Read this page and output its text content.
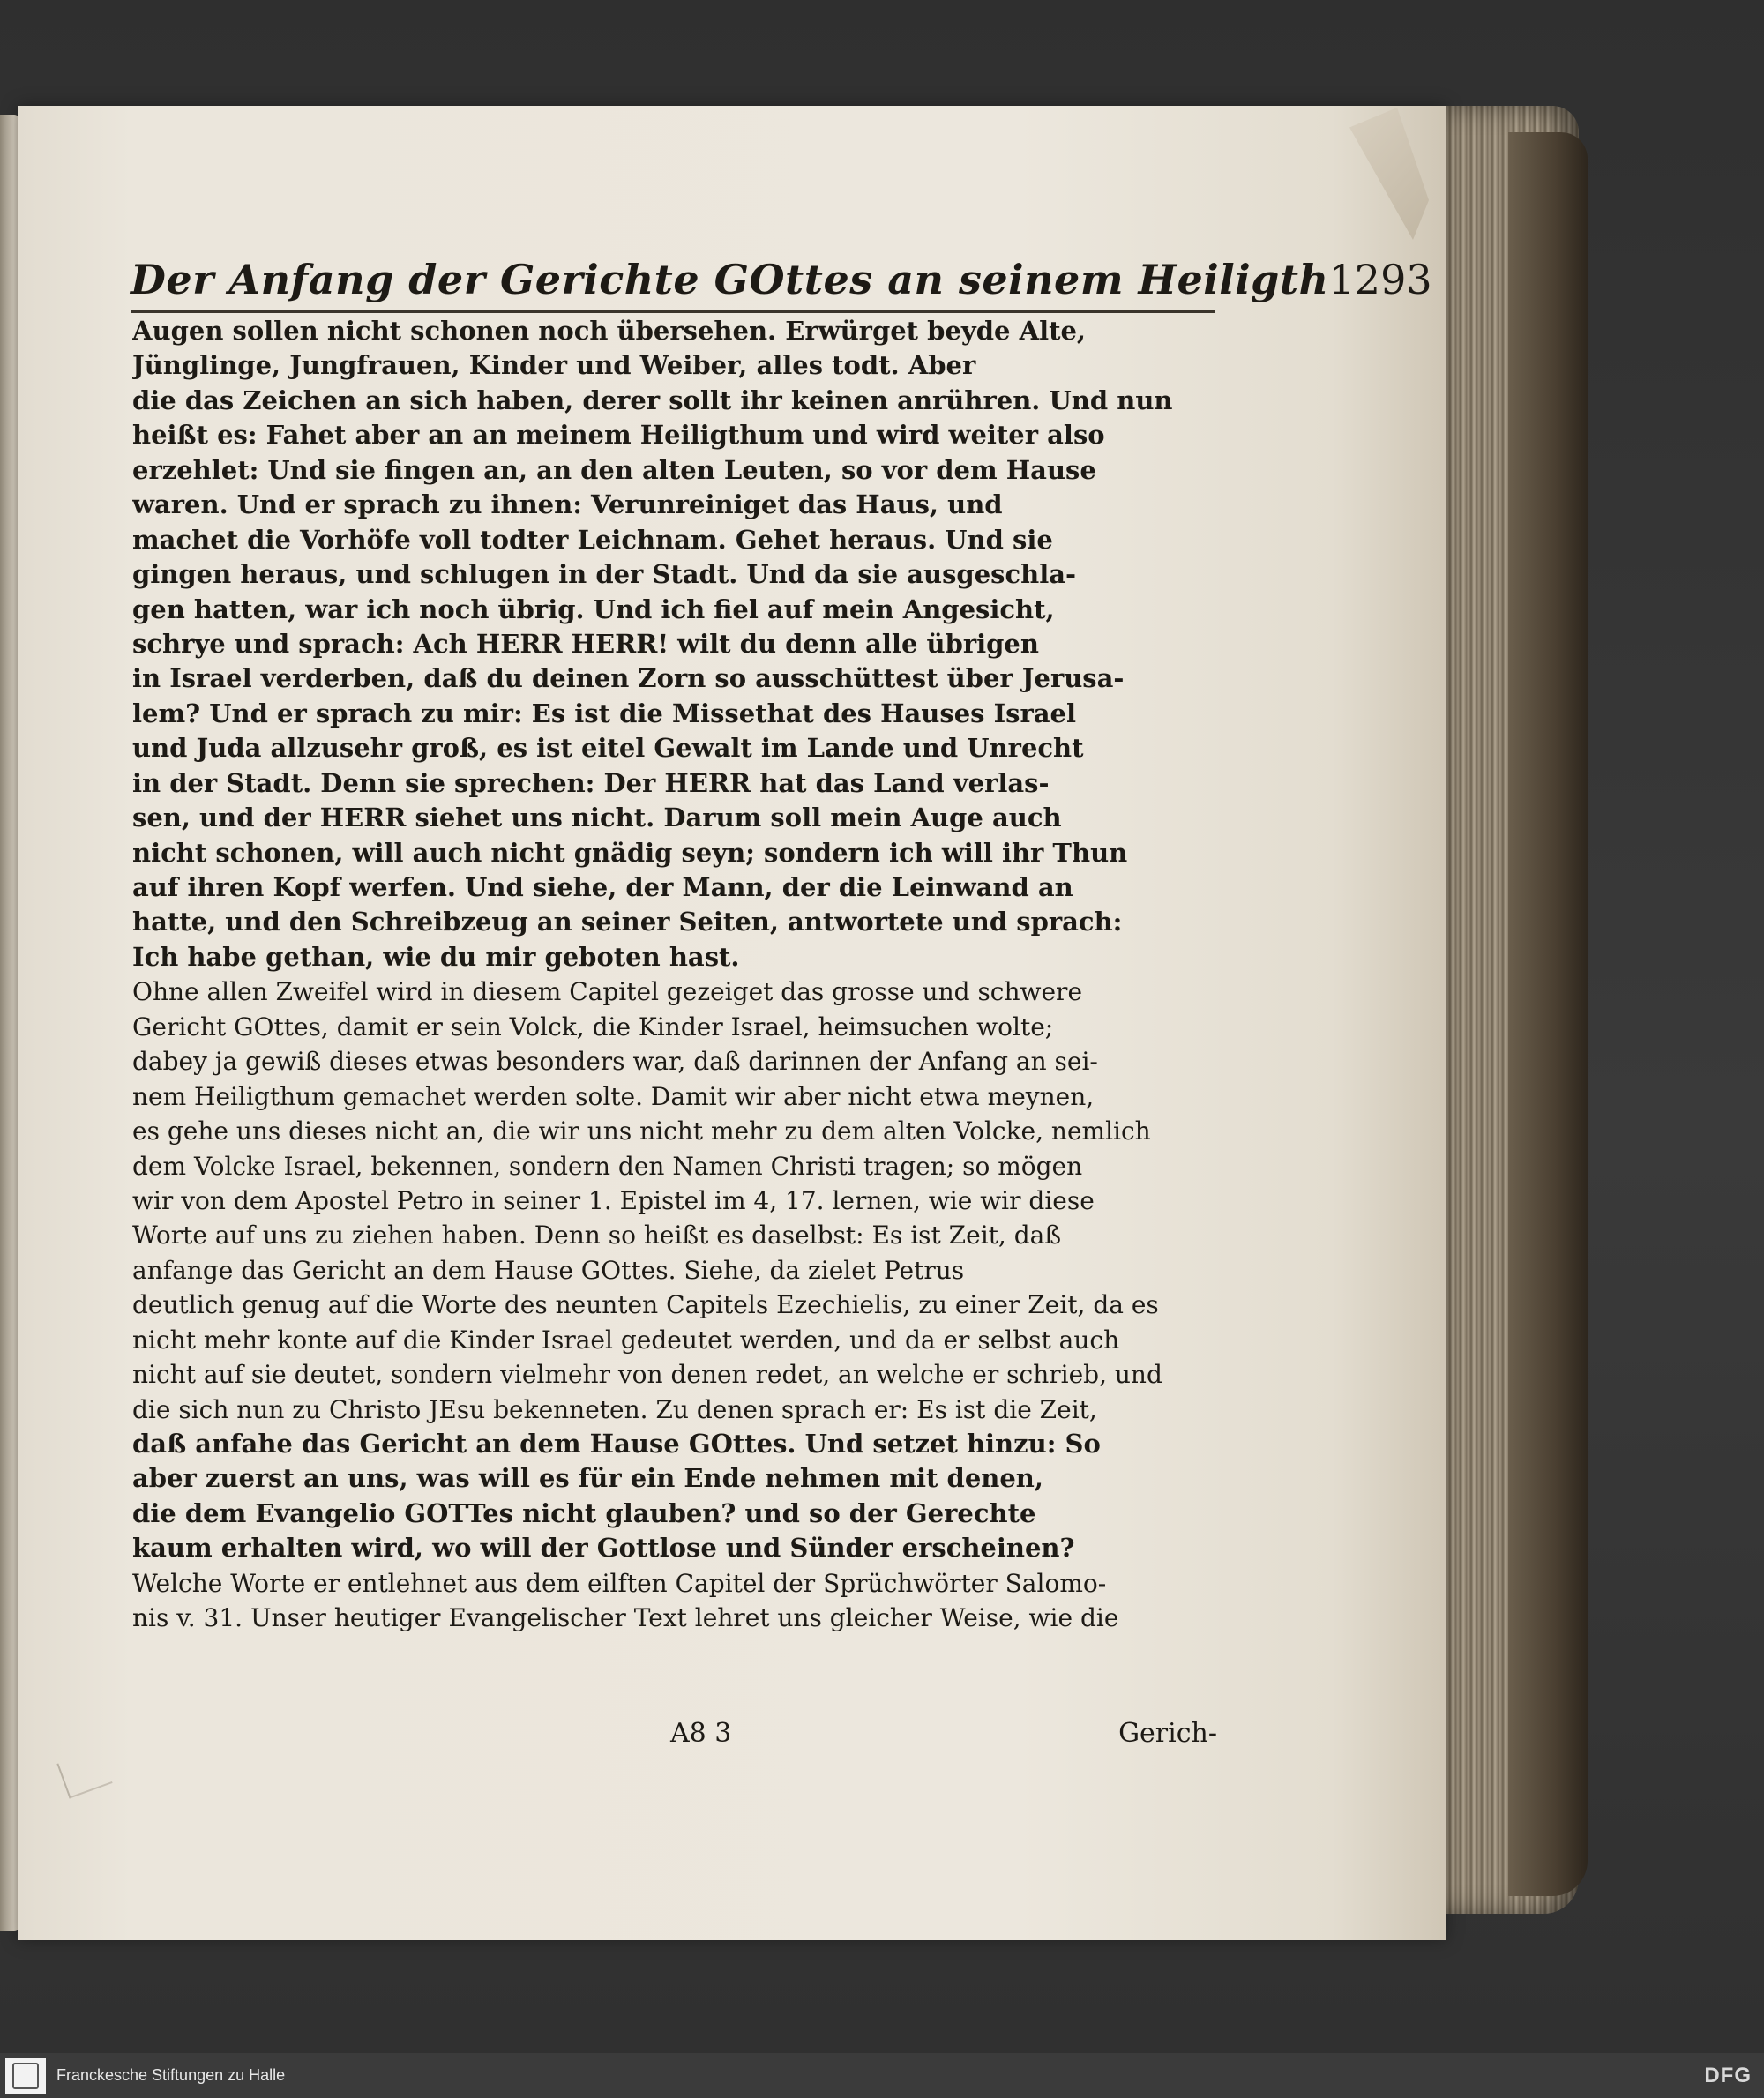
Der Anfang der Gerichte GOttes an seinem Heiligth 1293
Augen sollen nicht schonen noch übersehen. Erwürget beyde Alte,
Jünglinge, Jungfrauen, Kinder und Weiber, alles todt. Aber
die das Zeichen an sich haben, derer sollt ihr keinen anrühren. Und nun
heißt es: Fahet aber an an meinem Heiligthum und wird weiter also
erzehlet: Und sie fingen an, an den alten Leuten, so vor dem Hause
waren. Und er sprach zu ihnen: Verunreiniget das Haus, und
machet die Vorhöfe voll todter Leichnam. Gehet heraus. Und sie
gingen heraus, und schlugen in der Stadt. Und da sie ausgeschla-
gen hatten, war ich noch übrig. Und ich fiel auf mein Angesicht,
schrye und sprach: Ach HERR HERR! wilt du denn alle übrigen
in Israel verderben, daß du deinen Zorn so ausschüttest über Jerusa-
lem? Und er sprach zu mir: Es ist die Missethat des Hauses Israel
und Juda allzusehr groß, es ist eitel Gewalt im Lande und Unrecht
in der Stadt. Denn sie sprechen: Der HERR hat das Land verlas-
sen, und der HERR siehet uns nicht. Darum soll mein Auge auch
nicht schonen, will auch nicht gnädig seyn; sondern ich will ihr Thun
auf ihren Kopf werfen. Und siehe, der Mann, der die Leinwand an
hatte, und den Schreibzeug an seiner Seiten, antwortete und sprach:
Ich habe gethan, wie du mir geboten hast.
Ohne allen Zweifel wird in diesem Capitel gezeiget das grosse und schwere
Gericht GOttes, damit er sein Volck, die Kinder Israel, heimsuchen wolte;
dabey ja gewiß dieses etwas besonders war, daß darinnen der Anfang an sei-
nem Heiligthum gemachet werden solte. Damit wir aber nicht etwa meynen,
es gehe uns dieses nicht an, die wir uns nicht mehr zu dem alten Volcke, nemlich
dem Volcke Israel, bekennen, sondern den Namen Christi tragen; so mögen
wir von dem Apostel Petro in seiner 1. Epistel im 4, 17. lernen, wie wir diese
Worte auf uns zu ziehen haben. Denn so heißt es daselbst: Es ist Zeit, daß
anfange das Gericht an dem Hause GOttes. Siehe, da zielet Petrus
deutlich genug auf die Worte des neunten Capitels Ezechielis, zu einer Zeit, da es
nicht mehr konte auf die Kinder Israel gedeutet werden, und da er selbst auch
nicht auf sie deutet, sondern vielmehr von denen redet, an welche er schrieb, und
die sich nun zu Christo JEsu bekenneten. Zu denen sprach er: Es ist die Zeit,
daß anfahe das Gericht an dem Hause GOttes. Und setzet hinzu: So
aber zuerst an uns, was will es für ein Ende nehmen mit denen,
die dem Evangelio GOTTes nicht glauben? und so der Gerechte
kaum erhalten wird, wo will der Gottlose und Sünder erscheinen?
Welche Worte er entlehnet aus dem eilften Capitel der Sprüchwörter Salomo-
nis v. 31. Unser heutiger Evangelischer Text lehret uns gleicher Weise, wie die
A8 3	Gerich-
Franckesche Stiftungen zu Halle	DFG
